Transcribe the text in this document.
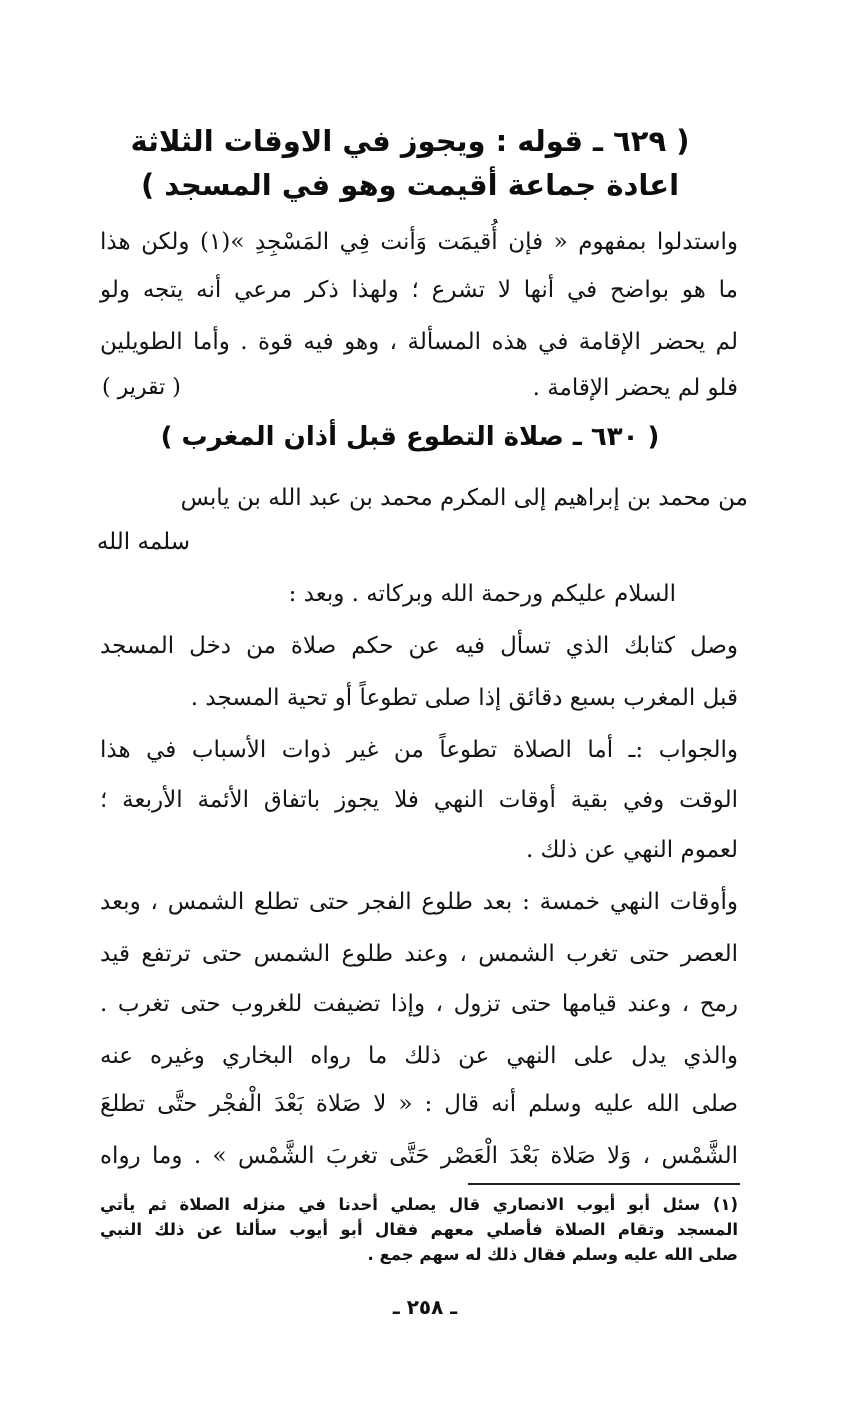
( ٦٢٩ ـ قوله : ويجوز في الاوقات الثلاثة
اعادة جماعة أقيمت وهو في المسجد )
واستدلوا بمفهوم « فإن أُقيمَت وَأنت فِي المَسْجِدِ »(١) ولكن هذا
ما هو بواضح في أنها لا تشرع ؛ ولهذا ذكر مرعي أنه يتجه ولو
لم يحضر الإقامة في هذه المسألة ، وهو فيه قوة . وأما الطويلين
فلو لم يحضر الإقامة .
( تقرير )
( ٦٣٠ ـ صلاة التطوع قبل أذان المغرب )
من محمد بن إبراهيم إلى المكرم محمد بن عبد الله بن يابس
سلمه الله
السلام عليكم ورحمة الله وبركاته . وبعد :
وصل كتابك الذي تسأل فيه عن حكم صلاة من دخل المسجد
قبل المغرب بسبع دقائق إذا صلى تطوعاً أو تحية المسجد .
والجواب :ـ أما الصلاة تطوعاً من غير ذوات الأسباب في هذا
الوقت وفي بقية أوقات النهي فلا يجوز باتفاق الأئمة الأربعة ؛
لعموم النهي عن ذلك .
وأوقات النهي خمسة : بعد طلوع الفجر حتى تطلع الشمس ، وبعد
العصر حتى تغرب الشمس ، وعند طلوع الشمس حتى ترتفع قيد
رمح ، وعند قيامها حتى تزول ، وإذا تضيفت للغروب حتى تغرب .
والذي يدل على النهي عن ذلك ما رواه البخاري وغيره عنه
صلى الله عليه وسلم أنه قال : « لا صَلاة بَعْدَ الْفجْر حتَّى تطلعَ
الشَّمْس ، وَلا صَلاة بَعْدَ الْعَصْر حَتَّى تغربَ الشَّمْس » . وما رواه
(١) سئل أبو أيوب الانصاري قال يصلي أحدنا في منزله الصلاة ثم يأتي
المسجد وتقام الصلاة فأصلي معهم فقال أبو أيوب سألنا عن ذلك النبي
صلى الله عليه وسلم فقال ذلك له سهم جمع .
ـ ٢٥٨ ـ
